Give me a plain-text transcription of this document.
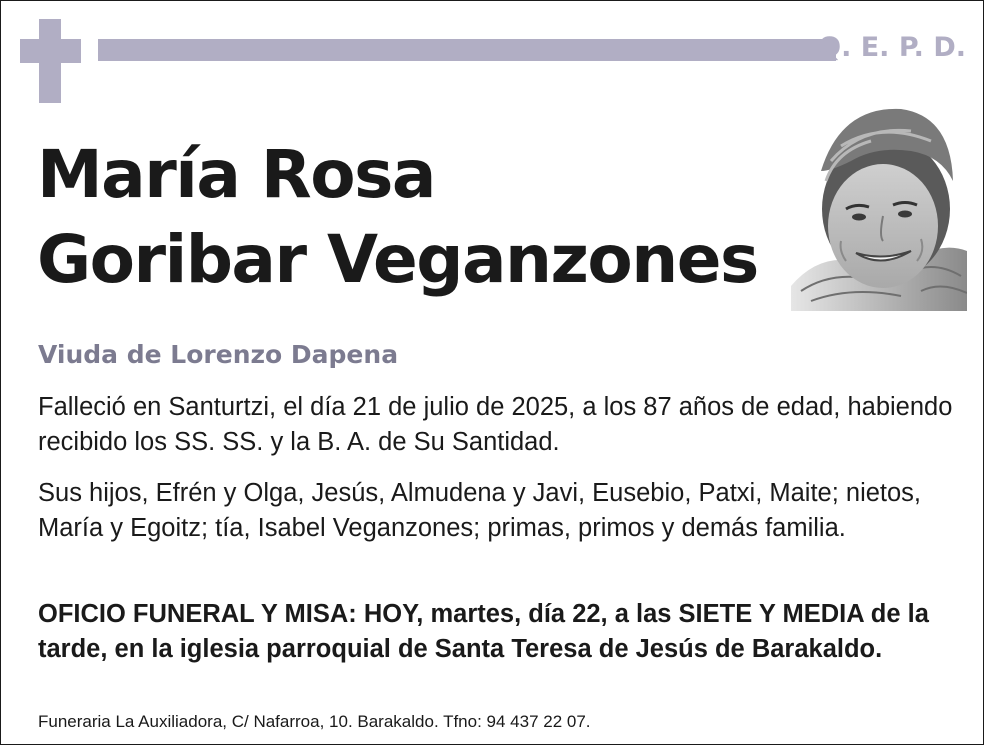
Q. E. P. D.
María Rosa
Goribar Veganzones
Viuda de Lorenzo Dapena
Falleció en Santurtzi, el día 21 de julio de 2025, a los 87 años de edad, habiendo recibido los SS. SS. y la B. A. de Su Santidad.
Sus hijos, Efrén y Olga, Jesús, Almudena y Javi, Eusebio, Patxi, Maite; nietos, María y Egoitz; tía, Isabel Veganzones; primas, primos y demás familia.
OFICIO FUNERAL Y MISA: HOY, martes, día 22, a las SIETE Y MEDIA de la tarde, en la iglesia parroquial de Santa Teresa de Jesús de Barakaldo.
Funeraria La Auxiliadora, C/ Nafarroa, 10. Barakaldo. Tfno: 94 437 22 07.
